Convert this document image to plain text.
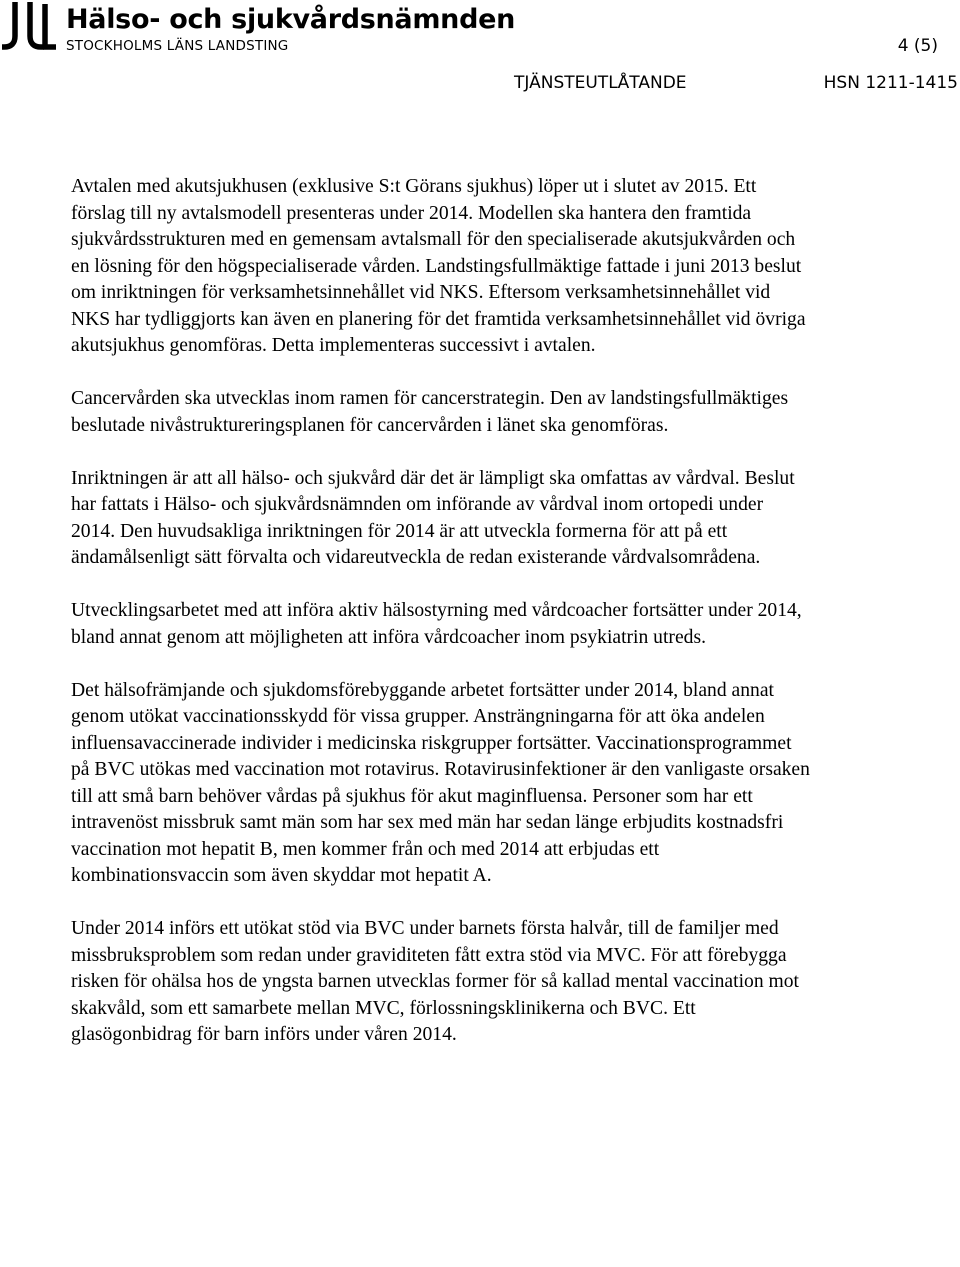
Hälso- och sjukvårdsnämnden
STOCKHOLMS LÄNS LANDSTING	4 (5)
TJÄNSTEUTLÅTANDE	HSN 1211-1415

Avtalen med akutsjukhusen (exklusive S:t Görans sjukhus) löper ut i slutet av 2015. Ett förslag till ny avtalsmodell presenteras under 2014. Modellen ska hantera den framtida sjukvårdsstrukturen med en gemensam avtalsmall för den specialiserade akutsjukvården och en lösning för den högspecialiserade vården. Landstingsfullmäktige fattade i juni 2013 beslut om inriktningen för verksamhetsinnehållet vid NKS. Eftersom verksamhetsinnehållet vid NKS har tydliggjorts kan även en planering för det framtida verksamhetsinnehållet vid övriga akutsjukhus genomföras. Detta implementeras successivt i avtalen.

Cancervården ska utvecklas inom ramen för cancerstrategin. Den av landstingsfullmäktiges beslutade nivåstruktureringsplanen för cancervården i länet ska genomföras.

Inriktningen är att all hälso- och sjukvård där det är lämpligt ska omfattas av vårdval. Beslut har fattats i Hälso- och sjukvårdsnämnden om införande av vårdval inom ortopedi under 2014. Den huvudsakliga inriktningen för 2014 är att utveckla formerna för att på ett ändamålsenligt sätt förvalta och vidareutveckla de redan existerande vårdvalsområdena.

Utvecklingsarbetet med att införa aktiv hälsostyrning med vårdcoacher fortsätter under 2014, bland annat genom att möjligheten att införa vårdcoacher inom psykiatrin utreds.

Det hälsofrämjande och sjukdomsförebyggande arbetet fortsätter under 2014, bland annat genom utökat vaccinationsskydd för vissa grupper. Ansträngningarna för att öka andelen influensavaccinerade individer i medicinska riskgrupper fortsätter. Vaccinationsprogrammet på BVC utökas med vaccination mot rotavirus. Rotavirusinfektioner är den vanligaste orsaken till att små barn behöver vårdas på sjukhus för akut maginfluensa. Personer som har ett intravenöst missbruk samt män som har sex med män har sedan länge erbjudits kostnadsfri vaccination mot hepatit B, men kommer från och med 2014 att erbjudas ett kombinationsvaccin som även skyddar mot hepatit A.

Under 2014 införs ett utökat stöd via BVC under barnets första halvår, till de familjer med missbruksproblem som redan under graviditeten fått extra stöd via MVC. För att förebygga risken för ohälsa hos de yngsta barnen utvecklas former för så kallad mental vaccination mot skakvåld, som ett samarbete mellan MVC, förlossningsklinikerna och BVC. Ett glasögonbidrag för barn införs under våren 2014.
